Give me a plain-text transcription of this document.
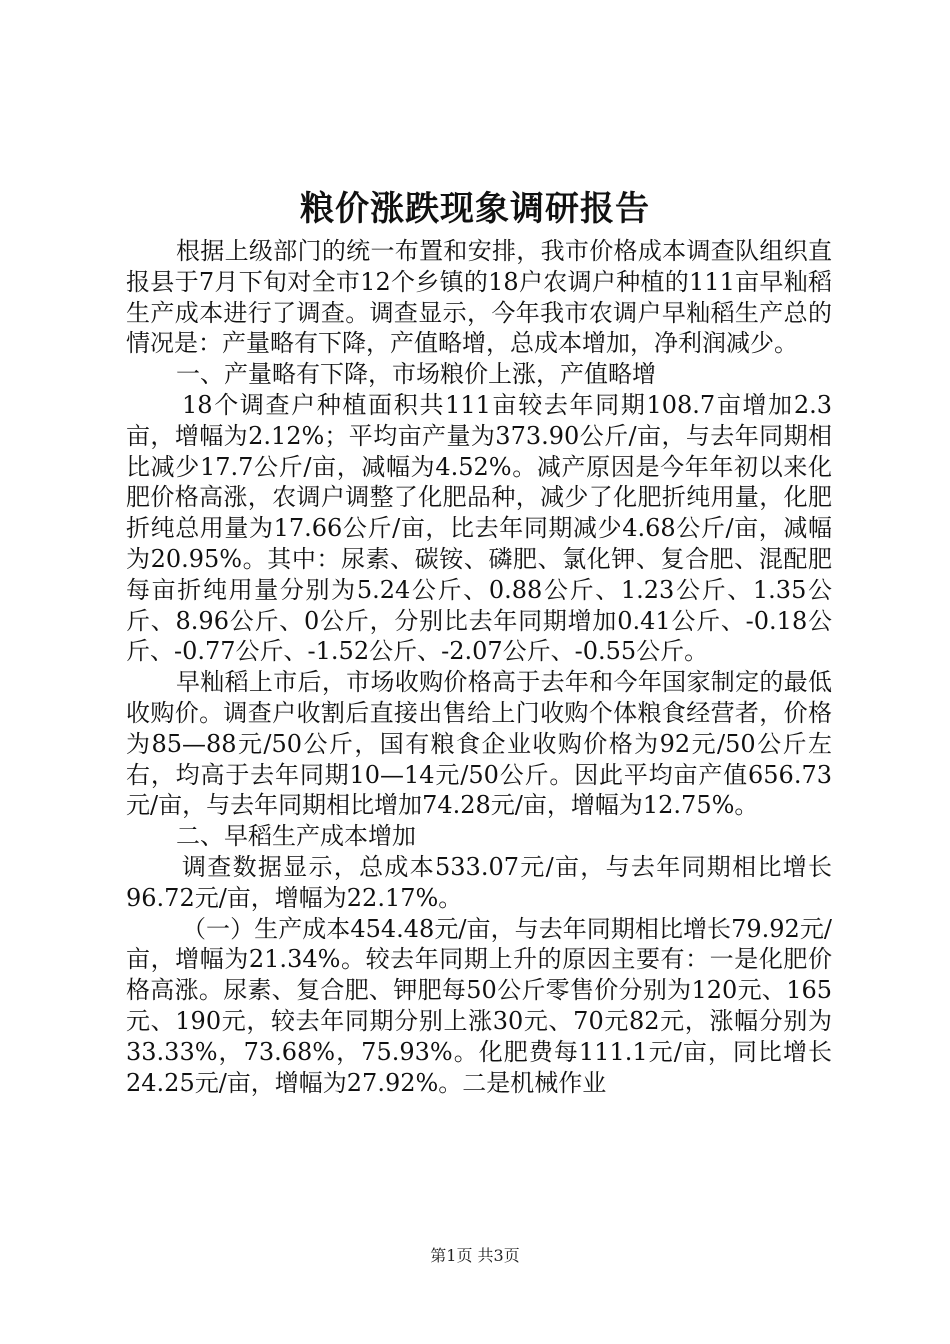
粮价涨跌现象调研报告

根据上级部门的统一布置和安排，我市价格成本调查队组织直报县于7月下旬对全市12个乡镇的18户农调户种植的111亩早籼稻生产成本进行了调查。调查显示，今年我市农调户早籼稻生产总的情况是：产量略有下降，产值略增，总成本增加，净利润减少。

一、产量略有下降，市场粮价上涨，产值略增

18个调查户种植面积共111亩较去年同期108.7亩增加2.3亩，增幅为2.12%；平均亩产量为373.90公斤/亩，与去年同期相比减少17.7公斤/亩，减幅为4.52%。减产原因是今年年初以来化肥价格高涨，农调户调整了化肥品种，减少了化肥折纯用量，化肥折纯总用量为17.66公斤/亩，比去年同期减少4.68公斤/亩，减幅为20.95%。其中：尿素、碳铵、磷肥、氯化钾、复合肥、混配肥每亩折纯用量分别为5.24公斤、0.88公斤、1.23公斤、1.35公斤、8.96公斤、0公斤，分别比去年同期增加0.41公斤、-0.18公斤、-0.77公斤、-1.52公斤、-2.07公斤、-0.55公斤。

早籼稻上市后，市场收购价格高于去年和今年国家制定的最低收购价。调查户收割后直接出售给上门收购个体粮食经营者，价格为85—88元/50公斤，国有粮食企业收购价格为92元/50公斤左右，均高于去年同期10—14元/50公斤。因此平均亩产值656.73元/亩，与去年同期相比增加74.28元/亩，增幅为12.75%。

二、早稻生产成本增加

调查数据显示，总成本533.07元/亩，与去年同期相比增长96.72元/亩，增幅为22.17%。

（一）生产成本454.48元/亩，与去年同期相比增长79.92元/亩，增幅为21.34%。较去年同期上升的原因主要有：一是化肥价格高涨。尿素、复合肥、钾肥每50公斤零售价分别为120元、165元、190元，较去年同期分别上涨30元、70元82元，涨幅分别为33.33%，73.68%，75.93%。化肥费每111.1元/亩，同比增长24.25元/亩，增幅为27.92%。二是机械作业

第1页 共3页
